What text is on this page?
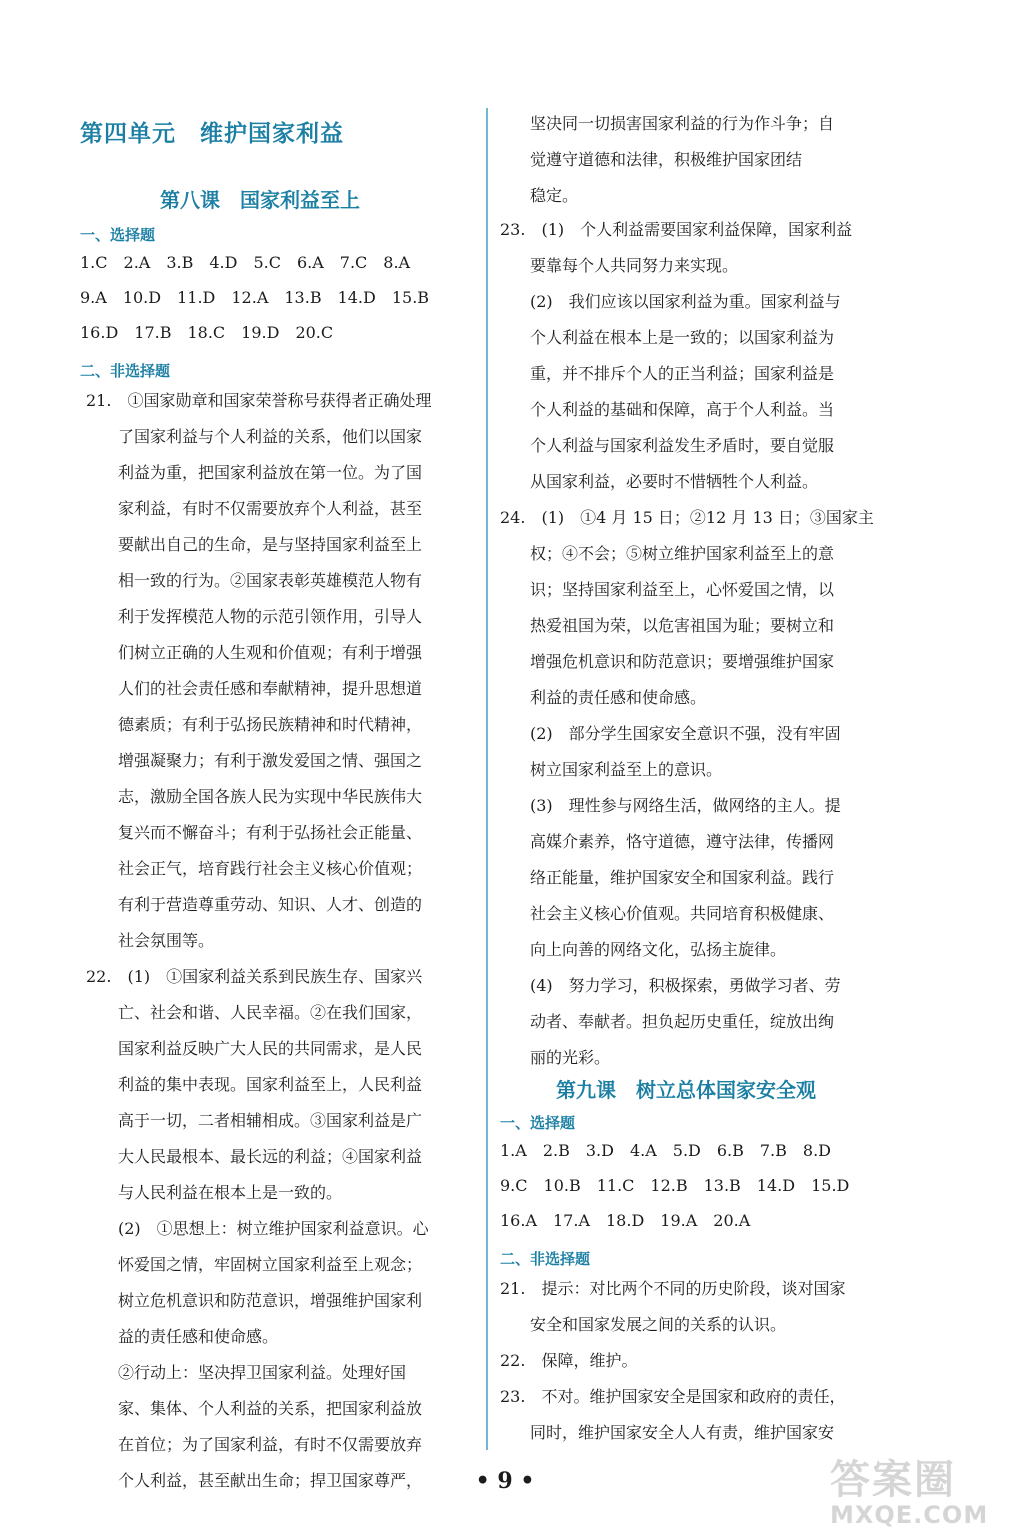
第四单元　维护国家利益
第八课　国家利益至上
一、选择题
1.C　2.A　3.B　4.D　5.C　6.A　7.C　8.A
9.A　10.D　11.D　12.A　13.B　14.D　15.B
16.D　17.B　18.C　19.D　20.C
二、非选择题
21.　①国家勋章和国家荣誉称号获得者正确处理
了国家利益与个人利益的关系，他们以国家
利益为重，把国家利益放在第一位。为了国
家利益，有时不仅需要放弃个人利益，甚至
要献出自己的生命，是与坚持国家利益至上
相一致的行为。②国家表彰英雄模范人物有
利于发挥模范人物的示范引领作用，引导人
们树立正确的人生观和价值观；有利于增强
人们的社会责任感和奉献精神，提升思想道
德素质；有利于弘扬民族精神和时代精神，
增强凝聚力；有利于激发爱国之情、强国之
志，激励全国各族人民为实现中华民族伟大
复兴而不懈奋斗；有利于弘扬社会正能量、
社会正气，培育践行社会主义核心价值观；
有利于营造尊重劳动、知识、人才、创造的
社会氛围等。
22.　(1)　①国家利益关系到民族生存、国家兴
亡、社会和谐、人民幸福。②在我们国家，
国家利益反映广大人民的共同需求，是人民
利益的集中表现。国家利益至上，人民利益
高于一切，二者相辅相成。③国家利益是广
大人民最根本、最长远的利益；④国家利益
与人民利益在根本上是一致的。
(2)　①思想上：树立维护国家利益意识。心
怀爱国之情，牢固树立国家利益至上观念；
树立危机意识和防范意识，增强维护国家利
益的责任感和使命感。
②行动上：坚决捍卫国家利益。处理好国
家、集体、个人利益的关系，把国家利益放
在首位；为了国家利益，有时不仅需要放弃
个人利益，甚至献出生命；捍卫国家尊严，
坚决同一切损害国家利益的行为作斗争；自
觉遵守道德和法律，积极维护国家团结
稳定。
23.　(1)　个人利益需要国家利益保障，国家利益
要靠每个人共同努力来实现。
(2)　我们应该以国家利益为重。国家利益与
个人利益在根本上是一致的；以国家利益为
重，并不排斥个人的正当利益；国家利益是
个人利益的基础和保障，高于个人利益。当
个人利益与国家利益发生矛盾时，要自觉服
从国家利益，必要时不惜牺牲个人利益。
24.　(1)　①4 月 15 日；②12 月 13 日；③国家主
权；④不会；⑤树立维护国家利益至上的意
识；坚持国家利益至上，心怀爱国之情，以
热爱祖国为荣，以危害祖国为耻；要树立和
增强危机意识和防范意识；要增强维护国家
利益的责任感和使命感。
(2)　部分学生国家安全意识不强，没有牢固
树立国家利益至上的意识。
(3)　理性参与网络生活，做网络的主人。提
高媒介素养，恪守道德，遵守法律，传播网
络正能量，维护国家安全和国家利益。践行
社会主义核心价值观。共同培育积极健康、
向上向善的网络文化，弘扬主旋律。
(4)　努力学习，积极探索，勇做学习者、劳
动者、奉献者。担负起历史重任，绽放出绚
丽的光彩。
第九课　树立总体国家安全观
一、选择题
1.A　2.B　3.D　4.A　5.D　6.B　7.B　8.D
9.C　10.B　11.C　12.B　13.B　14.D　15.D
16.A　17.A　18.D　19.A　20.A
二、非选择题
21.　提示：对比两个不同的历史阶段，谈对国家
安全和国家发展之间的关系的认识。
22.　保障，维护。
23.　不对。维护国家安全是国家和政府的责任，
同时，维护国家安全人人有责，维护国家安
• 9 •	答案圈
MXQE.COM
